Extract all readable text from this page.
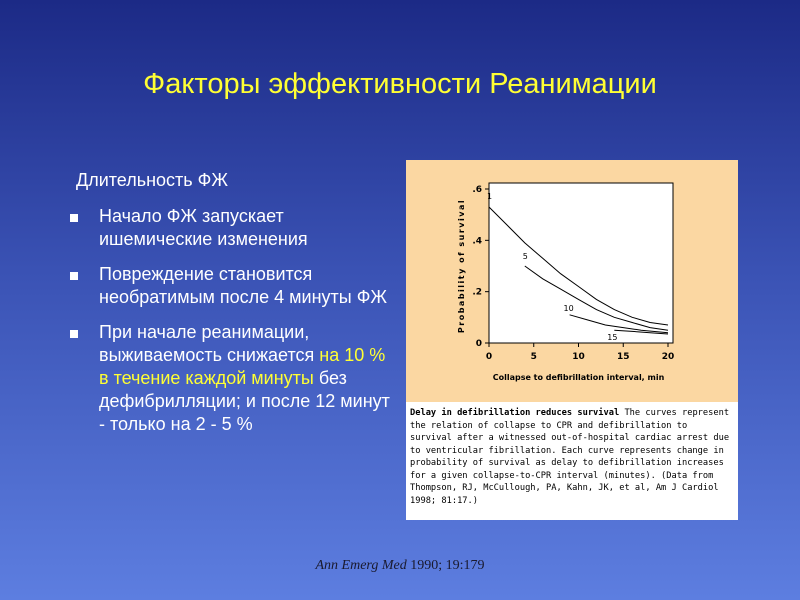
Факторы эффективности Реанимации
Длительность ФЖ
Начало ФЖ запускает ишемические изменения
Повреждение становится необратимым после 4 минуты ФЖ
При начале реанимации, выживаемость снижается на 10 % в течение каждой минуты без дефибрилляции; и после 12 минут - только на 2 - 5 %
0	5	10	15	20
0
.2
.4
.6
Collapse to defibrillation interval, min
Probability of survival
1
5
10
15
Delay in defibrillation reduces survival The curves represent the relation of collapse to CPR and defibrillation to survival after a witnessed out-of-hospital cardiac arrest due to ventricular fibrillation. Each curve represents change in probability of survival as delay to defibrillation increases for a given collapse-to-CPR interval (minutes). (Data from Thompson, RJ, McCullough, PA, Kahn, JK, et al, Am J Cardiol 1998; 81:17.)
Ann Emerg Med 1990; 19:179
